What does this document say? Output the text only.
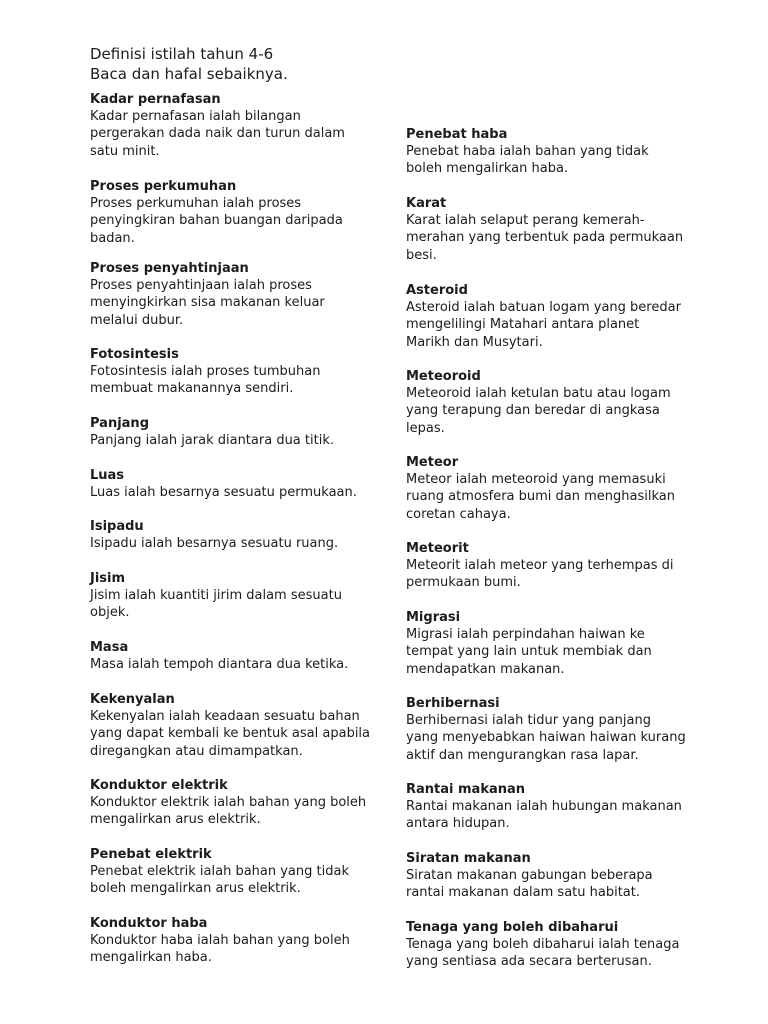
Definisi istilah tahun 4-6
Baca dan hafal sebaiknya.
Kadar pernafasan
Kadar pernafasan ialah bilangan
pergerakan dada naik dan turun dalam
satu minit.
Proses perkumuhan
Proses perkumuhan ialah proses
penyingkiran bahan buangan daripada
badan.
Proses penyahtinjaan
Proses penyahtinjaan ialah proses
menyingkirkan sisa makanan keluar
melalui dubur.
Fotosintesis
Fotosintesis ialah proses tumbuhan
membuat makanannya sendiri.
Panjang
Panjang ialah jarak diantara dua titik.
Luas
Luas ialah besarnya sesuatu permukaan.
Isipadu
Isipadu ialah besarnya sesuatu ruang.
Jisim
Jisim ialah kuantiti jirim dalam sesuatu
objek.
Masa
Masa ialah tempoh diantara dua ketika.
Kekenyalan
Kekenyalan ialah keadaan sesuatu bahan
yang dapat kembali ke bentuk asal apabila
diregangkan atau dimampatkan.
Konduktor elektrik
Konduktor elektrik ialah bahan yang boleh
mengalirkan arus elektrik.
Penebat elektrik
Penebat elektrik ialah bahan yang tidak
boleh mengalirkan arus elektrik.
Konduktor haba
Konduktor haba ialah bahan yang boleh
mengalirkan haba.
Penebat haba
Penebat haba ialah bahan yang tidak
boleh mengalirkan haba.
Karat
Karat ialah selaput perang kemerah-
merahan yang terbentuk pada permukaan
besi.
Asteroid
Asteroid ialah batuan logam yang beredar
mengelilingi Matahari antara planet
Marikh dan Musytari.
Meteoroid
Meteoroid ialah ketulan batu atau logam
yang terapung dan beredar di angkasa
lepas.
Meteor
Meteor ialah meteoroid yang memasuki
ruang atmosfera bumi dan menghasilkan
coretan cahaya.
Meteorit
Meteorit ialah meteor yang terhempas di
permukaan bumi.
Migrasi
Migrasi ialah perpindahan haiwan ke
tempat yang lain untuk membiak dan
mendapatkan makanan.
Berhibernasi
Berhibernasi ialah tidur yang panjang
yang menyebabkan haiwan haiwan kurang
aktif dan mengurangkan rasa lapar.
Rantai makanan
Rantai makanan ialah hubungan makanan
antara hidupan.
Siratan makanan
Siratan makanan gabungan beberapa
rantai makanan dalam satu habitat.
Tenaga yang boleh dibaharui
Tenaga yang boleh dibaharui ialah tenaga
yang sentiasa ada secara berterusan.
